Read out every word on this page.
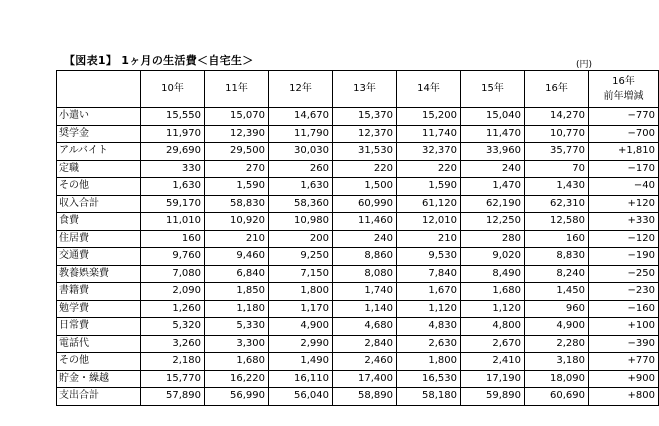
【図表1】 1ヶ月の生活費＜自宅生＞	(円)
	10年	11年	12年	13年	14年	15年	16年	16年
前年増減

小遣い	15,550	15,070	14,670	15,370	15,200	15,040	14,270	−770
奨学金	11,970	12,390	11,790	12,370	11,740	11,470	10,770	−700
アルバイト	29,690	29,500	30,030	31,530	32,370	33,960	35,770	+1,810
定職	330	270	260	220	220	240	70	−170
その他	1,630	1,590	1,630	1,500	1,590	1,470	1,430	−40
収入合計	59,170	58,830	58,360	60,990	61,120	62,190	62,310	+120
食費	11,010	10,920	10,980	11,460	12,010	12,250	12,580	+330
住居費	160	210	200	240	210	280	160	−120
交通費	9,760	9,460	9,250	8,860	9,530	9,020	8,830	−190
教養娯楽費	7,080	6,840	7,150	8,080	7,840	8,490	8,240	−250
書籍費	2,090	1,850	1,800	1,740	1,670	1,680	1,450	−230
勉学費	1,260	1,180	1,170	1,140	1,120	1,120	960	−160
日常費	5,320	5,330	4,900	4,680	4,830	4,800	4,900	+100
電話代	3,260	3,300	2,990	2,840	2,630	2,670	2,280	−390
その他	2,180	1,680	1,490	2,460	1,800	2,410	3,180	+770
貯金・繰越	15,770	16,220	16,110	17,400	16,530	17,190	18,090	+900
支出合計	57,890	56,990	56,040	58,890	58,180	59,890	60,690	+800
